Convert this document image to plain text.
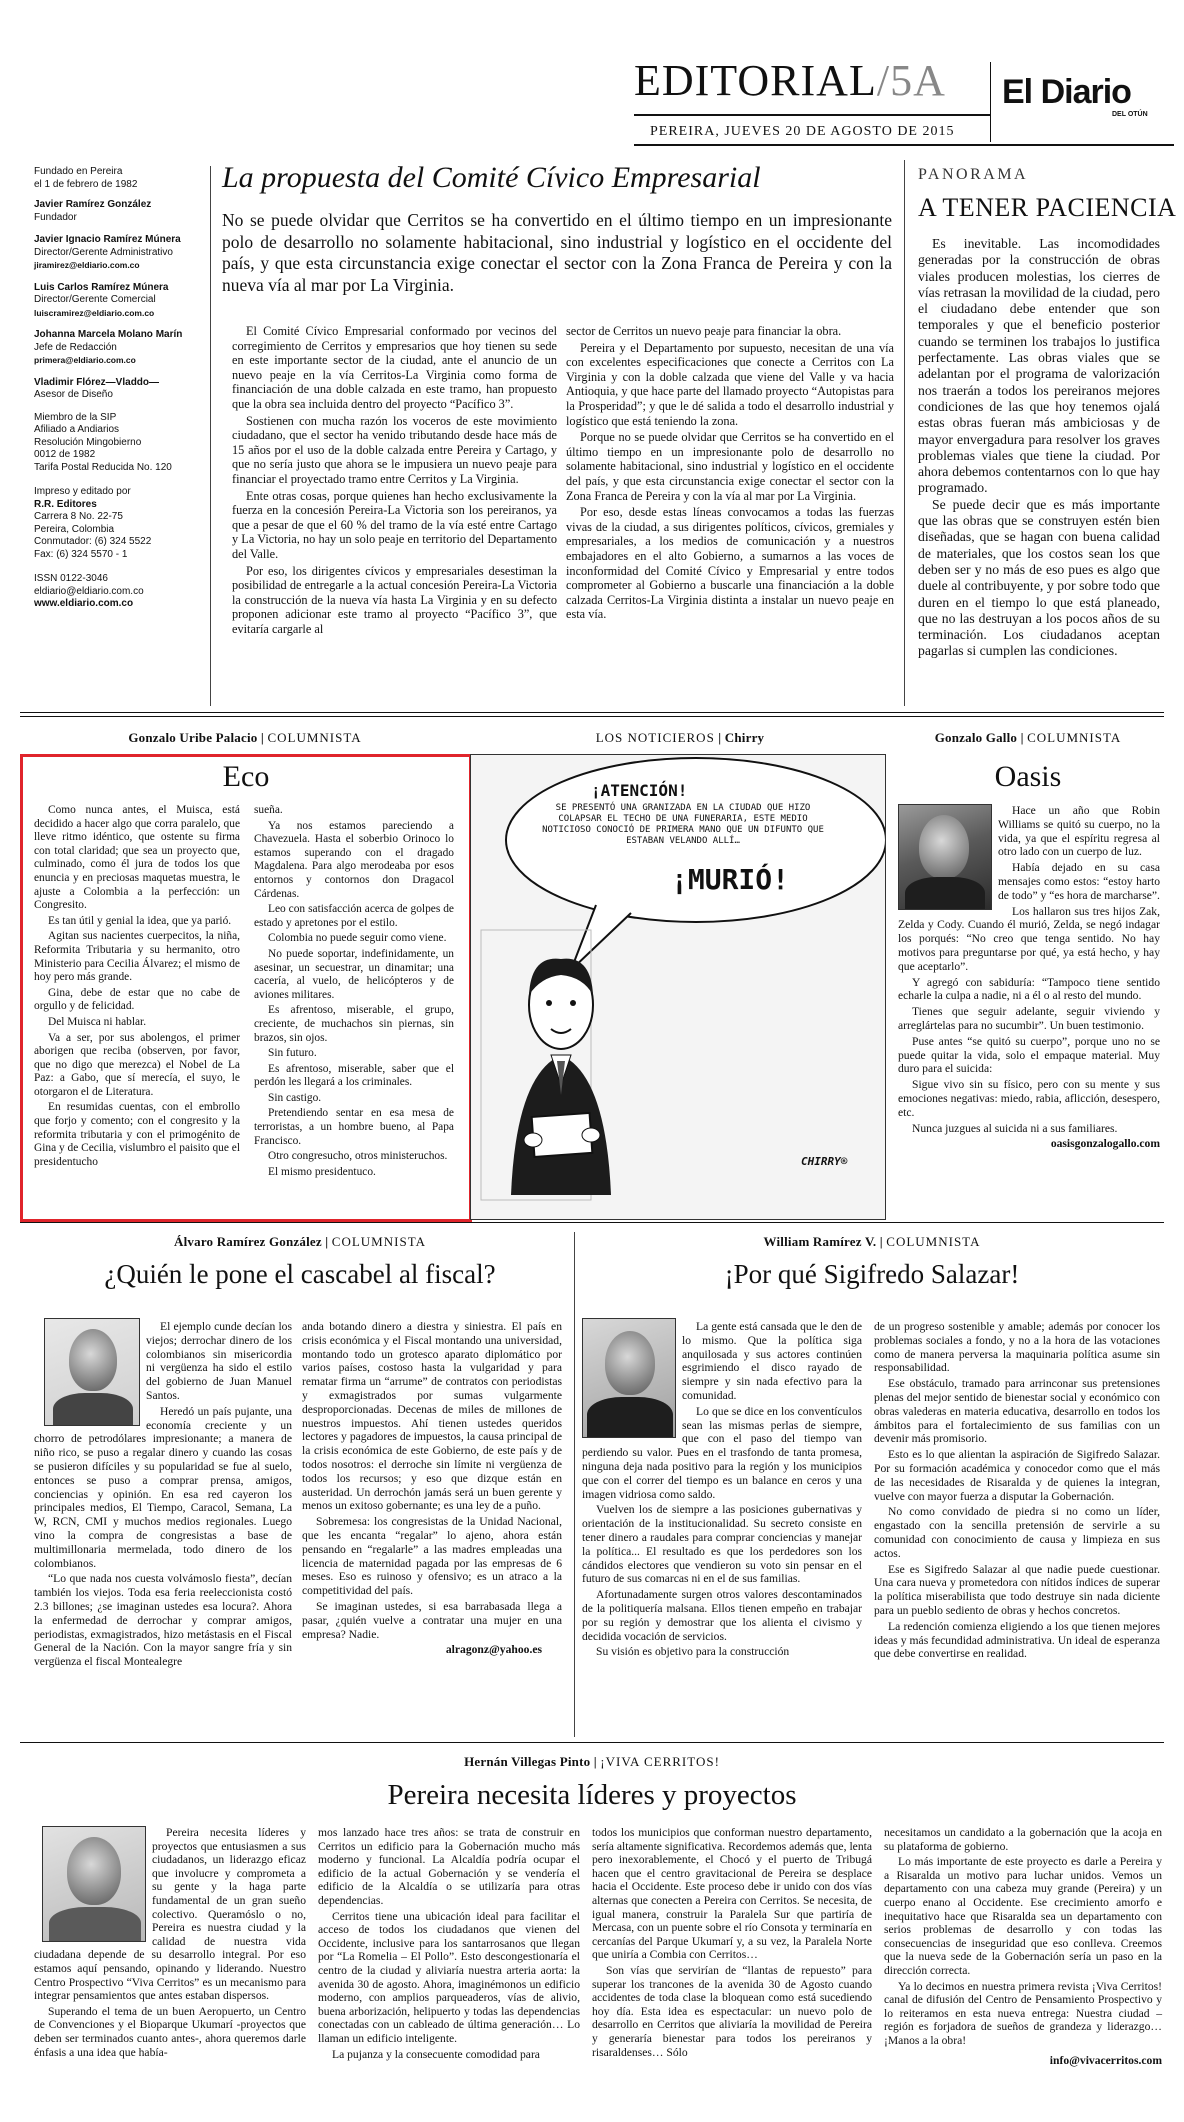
EDITORIAL/5A El Diario
DEL OTÚN
PEREIRA, JUEVES 20 DE AGOSTO DE 2015
Fundado en Pereira
el 1 de febrero de 1982
Javier Ramírez González
Fundador
Javier Ignacio Ramírez Múnera
Director/Gerente Administrativo
jiramirez@eldiario.com.co
Luis Carlos Ramírez Múnera
Director/Gerente Comercial
luiscramirez@eldiario.com.co
Johanna Marcela Molano Marín
Jefe de Redacción
primera@eldiario.com.co
Vladimir Flórez—Vladdo—
Asesor de Diseño
Miembro de la SIP
Afiliado a Andiarios
Resolución Mingobierno
0012 de 1982
Tarifa Postal Reducida No. 120
Impreso y editado por
R.R. Editores
Carrera 8 No. 22-75
Pereira, Colombia
Conmutador: (6) 324 5522
Fax: (6) 324 5570 - 1
ISSN 0122-3046
eldiario@eldiario.com.co
www.eldiario.com.co
La propuesta del Comité Cívico Empresarial
No se puede olvidar que Cerritos se ha convertido en el último tiempo en un impresionante polo de desarrollo no solamente habitacional, sino industrial y logístico en el occidente del país, y que esta circunstancia exige conectar el sector con la Zona Franca de Pereira y con la nueva vía al mar por La Virginia.

El Comité Cívico Empresarial conformado por vecinos del corregimiento de Cerritos y empresarios que hoy tienen su sede en este importante sector de la ciudad, ante el anuncio de un nuevo peaje en la vía Cerritos-La Virginia como forma de financiación de una doble calzada en este tramo, han propuesto que la obra sea incluida dentro del proyecto “Pacífico 3”.

Sostienen con mucha razón los voceros de este movimiento ciudadano, que el sector ha venido tributando desde hace más de 15 años por el uso de la doble calzada entre Pereira y Cartago, y que no sería justo que ahora se le impusiera un nuevo peaje para financiar el proyectado tramo entre Cerritos y La Virginia.

Ente otras cosas, porque quienes han hecho exclusivamente la fuerza en la concesión Pereira-La Victoria son los pereiranos, ya que a pesar de que el 60 % del tramo de la vía esté entre Cartago y La Victoria, no hay un solo peaje en territorio del Departamento del Valle.

Por eso, los dirigentes cívicos y empresariales desestiman la posibilidad de entregarle a la actual concesión Pereira-La Victoria la construcción de la nueva vía hasta La Virginia y en su defecto proponen adicionar este tramo al proyecto “Pacífico 3”, que evitaría cargarle al

sector de Cerritos un nuevo peaje para financiar la obra.

Pereira y el Departamento por supuesto, necesitan de una vía con excelentes especificaciones que conecte a Cerritos con La Virginia y con la doble calzada que viene del Valle y va hacia Antioquia, y que hace parte del llamado proyecto “Autopistas para la Prosperidad”; y que le dé salida a todo el desarrollo industrial y logístico que está teniendo la zona.

Porque no se puede olvidar que Cerritos se ha convertido en el último tiempo en un impresionante polo de desarrollo no solamente habitacional, sino industrial y logístico en el occidente del país, y que esta circunstancia exige conectar el sector con la Zona Franca de Pereira y con la vía al mar por La Virginia.

Por eso, desde estas líneas convocamos a todas las fuerzas vivas de la ciudad, a sus dirigentes políticos, cívicos, gremiales y empresariales, a los medios de comunicación y a nuestros embajadores en el alto Gobierno, a sumarnos a las voces de inconformidad del Comité Cívico y Empresarial y entre todos comprometer al Gobierno a buscarle una financiación a la doble calzada Cerritos-La Virginia distinta a instalar un nuevo peaje en esta vía.

PANORAMA
A TENER PACIENCIA

Es inevitable. Las incomodidades generadas por la construcción de obras viales producen molestias, los cierres de vías retrasan la movilidad de la ciudad, pero el ciudadano debe entender que son temporales y que el beneficio posterior cuando se terminen los trabajos lo justifica perfectamente. Las obras viales que se adelantan por el programa de valorización nos traerán a todos los pereiranos mejores condiciones de las que hoy tenemos ojalá estas obras fueran más ambiciosas y de mayor envergadura para resolver los graves problemas viales que tiene la ciudad. Por ahora debemos contentarnos con lo que hay programado.

Se puede decir que es más importante que las obras que se construyen estén bien diseñadas, que se hagan con buena calidad de materiales, que los costos sean los que deben ser y no más de eso pues es algo que duele al contribuyente, y por sobre todo que duren en el tiempo lo que está planeado, que no las destruyan a los pocos años de su terminación. Los ciudadanos aceptan pagarlas si cumplen las condiciones.

Gonzalo Uribe Palacio | COLUMNISTA
Eco

Como nunca antes, el Muisca, está decidido a hacer algo que corra paralelo, que lleve ritmo idéntico, que ostente su firma con total claridad; que sea un proyecto que, culminado, como él jura de todos los que enuncia y en preciosas maquetas muestra, le ajuste a Colombia a la perfección: un Congresito.

Es tan útil y genial la idea, que ya parió.

Agitan sus nacientes cuerpecitos, la niña, Reformita Tributaria y su hermanito, otro Ministerio para Cecilia Álvarez; el mismo de hoy pero más grande.

Gina, debe de estar que no cabe de orgullo y de felicidad.

Del Muisca ni hablar.

Va a ser, por sus abolengos, el primer aborigen que reciba (observen, por favor, que no digo que merezca) el Nobel de La Paz: a Gabo, que sí merecía, el suyo, le otorgaron el de Literatura.

En resumidas cuentas, con el embrollo que forjo y comento; con el congresito y la reformita tributaria y con el primogénito de Gina y de Cecilia, vislumbro el paisito que el presidentucho

sueña.

Ya nos estamos pareciendo a Chavezuela. Hasta el soberbio Orinoco lo estamos superando con el dragado Magdalena. Para algo merodeaba por esos entornos y contornos don Dragacol Cárdenas.

Leo con satisfacción acerca de golpes de estado y apretones por el estilo.

Colombia no puede seguir como viene.

No puede soportar, indefinidamente, un asesinar, un secuestrar, un dinamitar; una cacería, al vuelo, de helicópteros y de aviones militares.

Es afrentoso, miserable, el grupo, creciente, de muchachos sin piernas, sin brazos, sin ojos.

Sin futuro.

Es afrentoso, miserable, saber que el perdón les llegará a los criminales.

Sin castigo.

Pretendiendo sentar en esa mesa de terroristas, a un hombre bueno, al Papa Francisco.

Otro congresucho, otros ministeruchos.

El mismo presidentuco.

LOS NOTICIEROS | Chirry
¡ATENCIÓN!
SE PRESENTÓ UNA GRANIZADA EN LA CIUDAD QUE HIZO COLAPSAR EL TECHO DE UNA FUNERARIA, ESTE MEDIO NOTICIOSO CONOCIÓ DE PRIMERA MANO QUE UN DIFUNTO QUE ESTABAN VELANDO ALLÍ…
¡MURIÓ!
CHIRRY®
Gonzalo Gallo | COLUMNISTA
Oasis

Hace un año que Robin Williams se quitó su cuerpo, no la vida, ya que el espíritu regresa al otro lado con un cuerpo de luz.

Había dejado en su casa mensajes como estos: “estoy harto de todo” y “es hora de marcharse”.

Los hallaron sus tres hijos Zak, Zelda y Cody. Cuando él murió, Zelda, se negó indagar los porqués: “No creo que tenga sentido. No hay motivos para preguntarse por qué, ya está hecho, y hay que aceptarlo”.

Y agregó con sabiduría: “Tampoco tiene sentido echarle la culpa a nadie, ni a él o al resto del mundo.

Tienes que seguir adelante, seguir viviendo y arreglártelas para no sucumbir”. Un buen testimonio.

Puse antes “se quitó su cuerpo”, porque uno no se puede quitar la vida, solo el empaque material. Muy duro para el suicida:

Sigue vivo sin su físico, pero con su mente y sus emociones negativas: miedo, rabia, aflicción, desespero, etc.

Nunca juzgues al suicida ni a sus familiares.

oasisgonzalogallo.com
Álvaro Ramírez González | COLUMNISTA
¿Quién le pone el cascabel al fiscal?

El ejemplo cunde decían los viejos; derrochar dinero de los colombianos sin misericordia ni vergüenza ha sido el estilo del gobierno de Juan Manuel Santos.

Heredó un país pujante, una economía creciente y un chorro de petrodólares impresionante; a manera de niño rico, se puso a regalar dinero y cuando las cosas se pusieron difíciles y su popularidad se fue al suelo, entonces se puso a comprar prensa, amigos, conciencias y opinión. En esa red cayeron los principales medios, El Tiempo, Caracol, Semana, La W, RCN, CMI y muchos medios regionales. Luego vino la compra de congresistas a base de multimillonaria mermelada, todo dinero de los colombianos.

“Lo que nada nos cuesta volvámoslo fiesta”, decían también los viejos. Toda esa feria reeleccionista costó 2.3 billones; ¿se imaginan ustedes esa locura?. Ahora la enfermedad de derrochar y comprar amigos, periodistas, exmagistrados, hizo metástasis en el Fiscal General de la Nación. Con la mayor sangre fría y sin vergüenza el fiscal Montealegre

anda botando dinero a diestra y siniestra. El país en crisis económica y el Fiscal montando una universidad, montando todo un grotesco aparato diplomático por varios países, costoso hasta la vulgaridad y para rematar firma un “arrume” de contratos con periodistas y exmagistrados por sumas vulgarmente desproporcionadas. Decenas de miles de millones de nuestros impuestos. Ahí tienen ustedes queridos lectores y pagadores de impuestos, la causa principal de la crisis económica de este Gobierno, de este país y de todos nosotros: el derroche sin límite ni vergüenza de todos los recursos; y eso que dizque están en austeridad. Un derrochón jamás será un buen gerente y menos un exitoso gobernante; es una ley de a puño.

Sobremesa: los congresistas de la Unidad Nacional, que les encanta “regalar” lo ajeno, ahora están pensando en “regalarle” a las madres empleadas una licencia de maternidad pagada por las empresas de 6 meses. Eso es ruinoso y ofensivo; es un atraco a la competitividad del país.

Se imaginan ustedes, si esa barrabasada llega a pasar, ¿quién vuelve a contratar una mujer en una empresa? Nadie.

alragonz@yahoo.es
William Ramírez V. | COLUMNISTA
¡Por qué Sigifredo Salazar!

La gente está cansada que le den de lo mismo. Que la política siga anquilosada y sus actores continúen esgrimiendo el disco rayado de siempre y sin nada efectivo para la comunidad.

Lo que se dice en los conventículos sean las mismas perlas de siempre, que con el paso del tiempo van perdiendo su valor. Pues en el trasfondo de tanta promesa, ninguna deja nada positivo para la región y los municipios que con el correr del tiempo es un balance en ceros y una imagen vidriosa como saldo.

Vuelven los de siempre a las posiciones gubernativas y orientación de la institucionalidad. Su secreto consiste en tener dinero a raudales para comprar conciencias y manejar la política... El resultado es que los perdedores son los cándidos electores que vendieron su voto sin pensar en el futuro de sus comarcas ni en el de sus familias.

Afortunadamente surgen otros valores descontaminados de la politiquería malsana. Ellos tienen empeño en trabajar por su región y demostrar que los alienta el civismo y decidida vocación de servicios.

Su visión es objetivo para la construcción

de un progreso sostenible y amable; además por conocer los problemas sociales a fondo, y no a la hora de las votaciones como de manera perversa la maquinaria política asume sin responsabilidad.

Ese obstáculo, tramado para arrinconar sus pretensiones plenas del mejor sentido de bienestar social y económico con obras valederas en materia educativa, desarrollo en todos los ámbitos para el fortalecimiento de sus familias con un devenir más promisorio.

Esto es lo que alientan la aspiración de Sigifredo Salazar. Por su formación académica y conocedor como que el más de las necesidades de Risaralda y de quienes la integran, vuelve con mayor fuerza a disputar la Gobernación.

No como convidado de piedra si no como un líder, engastado con la sencilla pretensión de servirle a su comunidad con conocimiento de causa y limpieza en sus actos.

Ese es Sigifredo Salazar al que nadie puede cuestionar. Una cara nueva y prometedora con nítidos índices de superar la política miserabilista que todo destruye sin nada diciente para un pueblo sediento de obras y hechos concretos.

La redención comienza eligiendo a los que tienen mejores ideas y más fecundidad administrativa. Un ideal de esperanza que debe convertirse en realidad.

Hernán Villegas Pinto | ¡VIVA CERRITOS!
Pereira necesita líderes y proyectos

Pereira necesita líderes y proyectos que entusiasmen a sus ciudadanos, un liderazgo eficaz que involucre y comprometa a su gente y la haga parte fundamental de un gran sueño colectivo. Queramóslo o no, Pereira es nuestra ciudad y la calidad de nuestra vida ciudadana depende de su desarrollo integral. Por eso estamos aquí pensando, opinando y liderando. Nuestro Centro Prospectivo “Viva Cerritos” es un mecanismo para integrar pensamientos que antes estaban dispersos.

Superando el tema de un buen Aeropuerto, un Centro de Convenciones y el Bioparque Ukumarí -proyectos que deben ser terminados cuanto antes-, ahora queremos darle énfasis a una idea que había-

mos lanzado hace tres años: se trata de construir en Cerritos un edificio para la Gobernación mucho más moderno y funcional. La Alcaldía podría ocupar el edificio de la actual Gobernación y se vendería el edificio de la Alcaldía o se utilizaría para otras dependencias.

Cerritos tiene una ubicación ideal para facilitar el acceso de todos los ciudadanos que vienen del Occidente, inclusive para los santarrosanos que llegan por “La Romelia – El Pollo”. Esto descongestionaría el centro de la ciudad y aliviaría nuestra arteria aorta: la avenida 30 de agosto. Ahora, imaginémonos un edificio moderno, con amplios parqueaderos, vías de alivio, buena arborización, helipuerto y todas las dependencias conectadas con un cableado de última generación… Lo llaman un edificio inteligente.

La pujanza y la consecuente comodidad para

todos los municipios que conforman nuestro departamento, sería altamente significativa. Recordemos además que, lenta pero inexorablemente, el Chocó y el puerto de Tribugá hacen que el centro gravitacional de Pereira se desplace hacia el Occidente. Este proceso debe ir unido con dos vías alternas que conecten a Pereira con Cerritos. Se necesita, de igual manera, construir la Paralela Sur que partiría de Mercasa, con un puente sobre el río Consota y terminaría en cercanías del Parque Ukumarí y, a su vez, la Paralela Norte que uniría a Combia con Cerritos…

Son vías que servirían de “llantas de repuesto” para superar los trancones de la avenida 30 de Agosto cuando accidentes de toda clase la bloquean como está sucediendo hoy día. Esta idea es espectacular: un nuevo polo de desarrollo en Cerritos que aliviaría la movilidad de Pereira y generaría bienestar para todos los pereiranos y risaraldenses… Sólo

necesitamos un candidato a la gobernación que la acoja en su plataforma de gobierno.

Lo más importante de este proyecto es darle a Pereira y a Risaralda un motivo para luchar unidos. Vemos un departamento con una cabeza muy grande (Pereira) y un cuerpo enano al Occidente. Ese crecimiento amorfo e inequitativo hace que Risaralda sea un departamento con serios problemas de desarrollo y con todas las consecuencias de inseguridad que eso conlleva. Creemos que la nueva sede de la Gobernación sería un paso en la dirección correcta.

Ya lo decimos en nuestra primera revista ¡Viva Cerritos! canal de difusión del Centro de Pensamiento Prospectivo y lo reiteramos en esta nueva entrega: Nuestra ciudad – región es forjadora de sueños de grandeza y liderazgo… ¡Manos a la obra!

info@vivacerritos.com
